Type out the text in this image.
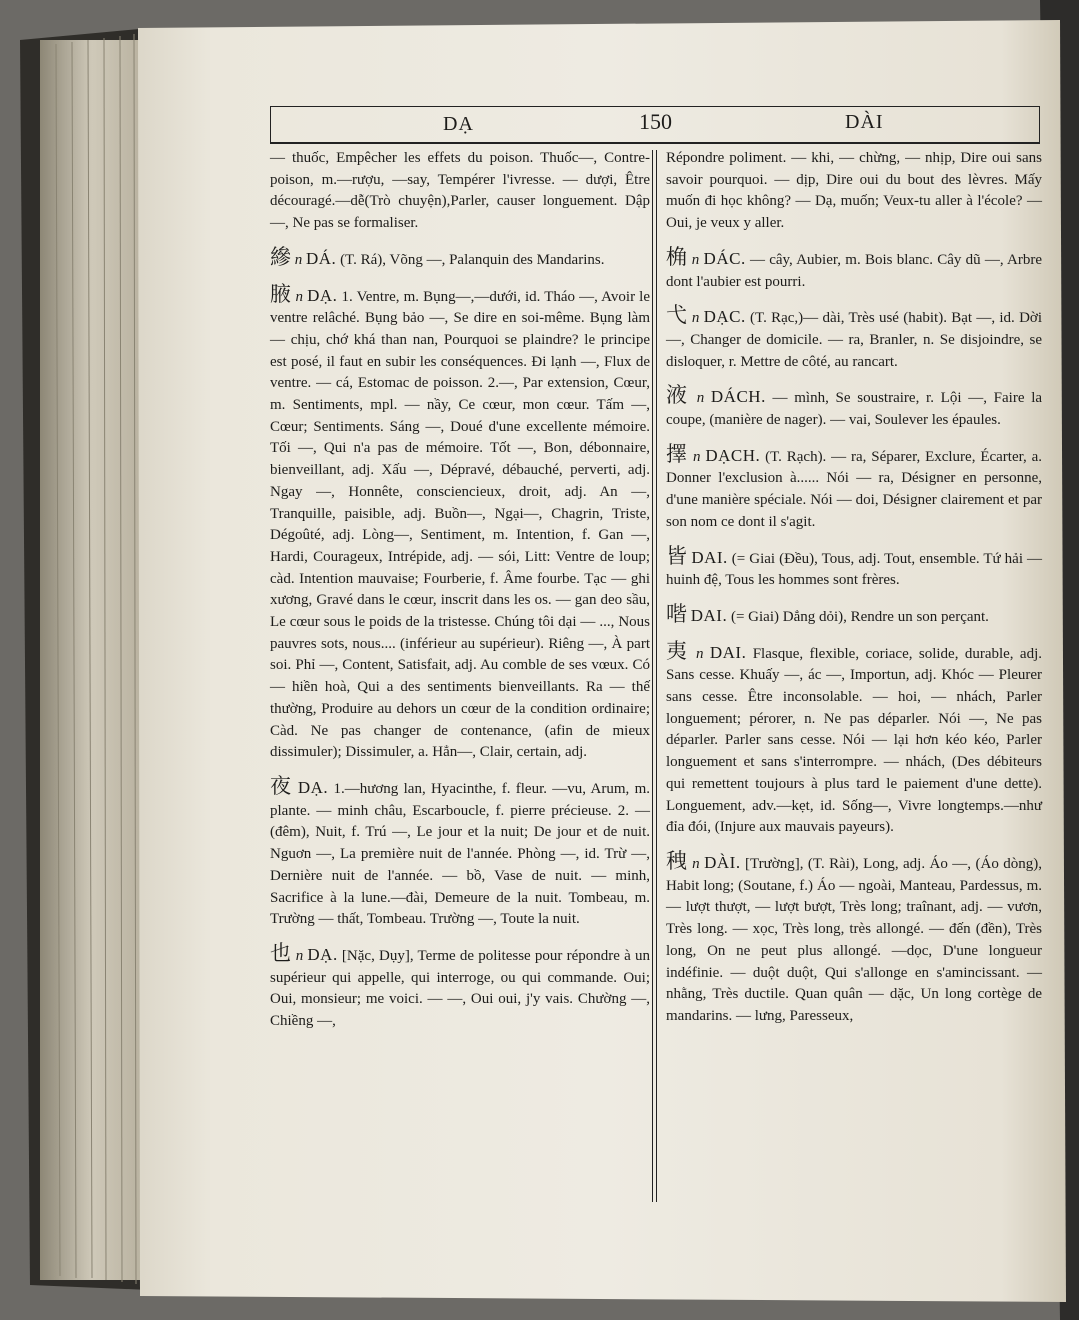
DẠ	150	DÀI

— thuốc, Empêcher les effets du poison. Thuốc—, Contre-poison, m.—rượu, —say, Tempérer l'ivresse. — dượi, Être découragé.—dễ(Trò chuyện),Parler, causer longuement. Dập —, Ne pas se formaliser.

縿 n DÁ. (T. Rá), Võng —, Palanquin des Mandarins.

腋 n DẠ. 1. Ventre, m. Bụng—,—dưới, id. Tháo —, Avoir le ventre relâché. Bụng bảo —, Se dire en soi-même. Bụng làm — chịu, chớ khá than nan, Pourquoi se plaindre? le principe est posé, il faut en subir les conséquences. Đi lạnh —, Flux de ventre. — cá, Estomac de poisson. 2.—, Par extension, Cœur, m. Sentiments, mpl. — nầy, Ce cœur, mon cœur. Tấm —, Cœur; Sentiments. Sáng —, Doué d'une excellente mémoire. Tối —, Qui n'a pas de mémoire. Tốt —, Bon, débonnaire, bienveillant, adj. Xấu —, Dépravé, débauché, perverti, adj. Ngay —, Honnête, consciencieux, droit, adj. An —, Tranquille, paisible, adj. Buồn—, Ngại—, Chagrin, Triste, Dégoûté, adj. Lòng—, Sentiment, m. Intention, f. Gan —, Hardi, Courageux, Intrépide, adj. — sói, Litt: Ventre de loup; càd. Intention mauvaise; Fourberie, f. Âme fourbe. Tạc — ghi xương, Gravé dans le cœur, inscrit dans les os. — gan deo sầu, Le cœur sous le poids de la tristesse. Chúng tôi dại — ..., Nous pauvres sots, nous.... (inférieur au supérieur). Riêng —, À part soi. Phỉ —, Content, Satisfait, adj. Au comble de ses vœux. Có — hiền hoà, Qui a des sentiments bienveillants. Ra — thế thường, Produire au dehors un cœur de la condition ordinaire; Càd. Ne pas changer de contenance, (afin de mieux dissimuler); Dissimuler, a. Hẳn—, Clair, certain, adj.

夜 DẠ. 1.—hương lan, Hyacinthe, f. fleur. —vu, Arum, m. plante. — minh châu, Escarboucle, f. pierre précieuse. 2. — (đêm), Nuit, f. Trú —, Le jour et la nuit; De jour et de nuit. Nguơn —, La première nuit de l'année. Phòng —, id. Trừ —, Dernière nuit de l'année. — bồ, Vase de nuit. — minh, Sacrifice à la lune.—đài, Demeure de la nuit. Tombeau, m. Trường — thất, Tombeau. Trường —, Toute la nuit.

也 n DẠ. [Nặc, Dụy], Terme de politesse pour répondre à un supérieur qui appelle, qui interroge, ou qui commande. Oui; Oui, monsieur; me voici. — —, Oui oui, j'y vais. Chường —, Chiềng —,

Répondre poliment. — khi, — chừng, — nhịp, Dire oui sans savoir pourquoi. — dịp, Dire oui du bout des lèvres. Mấy muốn đi học không? — Dạ, muốn; Veux-tu aller à l'école? — Oui, je veux y aller.

桷 n DÁC. — cây, Aubier, m. Bois blanc. Cây dũ —, Arbre dont l'aubier est pourri.

弋 n DẠC. (T. Rạc,)— dài, Très usé (habit). Bạt —, id. Dời —, Changer de domicile. — ra, Branler, n. Se disjoindre, se disloquer, r. Mettre de côté, au rancart.

液 n DÁCH. — mình, Se soustraire, r. Lội —, Faire la coupe, (manière de nager). — vai, Soulever les épaules.

擇 n DẠCH. (T. Rạch). — ra, Séparer, Exclure, Écarter, a. Donner l'exclusion à...... Nói — ra, Désigner en personne, d'une manière spéciale. Nói — doi, Désigner clairement et par son nom ce dont il s'agit.

皆 DAI. (= Giai (Đều), Tous, adj. Tout, ensemble. Tứ hải — huinh đệ, Tous les hommes sont frères.

喈 DAI. (= Giai) Dẳng dỏi), Rendre un son perçant.

夷 n DAI. Flasque, flexible, coriace, solide, durable, adj. Sans cesse. Khuấy —, ác —, Importun, adj. Khóc — Pleurer sans cesse. Être inconsolable. — hoi, — nhách, Parler longuement; pérorer, n. Ne pas déparler. Nói —, Ne pas déparler. Parler sans cesse. Nói — lại hơn kéo kéo, Parler longuement et sans s'interrompre. — nhách, (Des débiteurs qui remettent toujours à plus tard le paiement d'une dette). Longuement, adv.—kẹt, id. Sống—, Vivre longtemps.—như đỉa đói, (Injure aux mauvais payeurs).

䄿 n DÀI. [Trường], (T. Rài), Long, adj. Áo —, (Áo dòng), Habit long; (Soutane, f.) Áo — ngoài, Manteau, Pardessus, m. — lượt thượt, — lượt bượt, Très long; traînant, adj. — vươn, Très long. — xọc, Très long, très allongé. — đến (đền), Très long, On ne peut plus allongé. —dọc, D'une longueur indéfinie. — duột duột, Qui s'allonge en s'amincissant. — nhằng, Très ductile. Quan quân — dặc, Un long cortège de mandarins. — lưng, Paresseux,
